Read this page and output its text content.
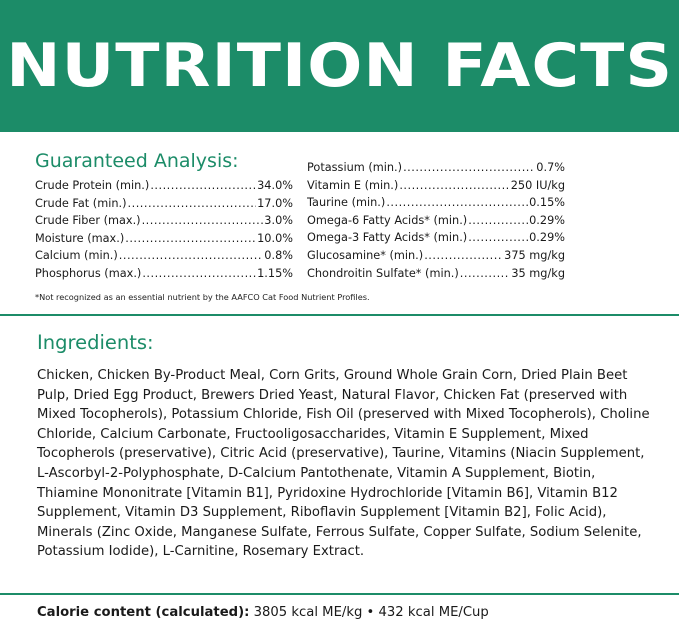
NUTRITION FACTS
Guaranteed Analysis:
Crude Protein (min.) .....	34.0%
Crude Fat (min.) .....	17.0%
Crude Fiber (max.) .....	3.0%
Moisture (max.) .....	10.0%
Calcium (min.) .....	0.8%
Phosphorus (max.) .....	1.15%
Potassium (min.) .....	0.7%
Vitamin E (min.) .....	250 IU/kg
Taurine (min.) .....	0.15%
Omega-6 Fatty Acids* (min.) .....	0.29%
Omega-3 Fatty Acids* (min.) .....	0.29%
Glucosamine* (min.) .....	375 mg/kg
Chondroitin Sulfate* (min.) .....	35 mg/kg
*Not recognized as an essential nutrient by the AAFCO Cat Food Nutrient Profiles.
Ingredients:
Chicken, Chicken By-Product Meal, Corn Grits, Ground Whole Grain Corn, Dried Plain Beet Pulp, Dried Egg Product, Brewers Dried Yeast, Natural Flavor, Chicken Fat (preserved with Mixed Tocopherols), Potassium Chloride, Fish Oil (preserved with Mixed Tocopherols), Choline Chloride, Calcium Carbonate, Fructooligosaccharides, Vitamin E Supplement, Mixed Tocopherols (preservative), Citric Acid (preservative), Taurine, Vitamins (Niacin Supplement, L-Ascorbyl-2-Polyphosphate, D-Calcium Pantothenate, Vitamin A Supplement, Biotin, Thiamine Mononitrate [Vitamin B1], Pyridoxine Hydrochloride [Vitamin B6], Vitamin B12 Supplement, Vitamin D3 Supplement, Riboflavin Supplement [Vitamin B2], Folic Acid), Minerals (Zinc Oxide, Manganese Sulfate, Ferrous Sulfate, Copper Sulfate, Sodium Selenite, Potassium Iodide), L-Carnitine, Rosemary Extract.
Calorie content (calculated): 3805 kcal ME/kg • 432 kcal ME/Cup
